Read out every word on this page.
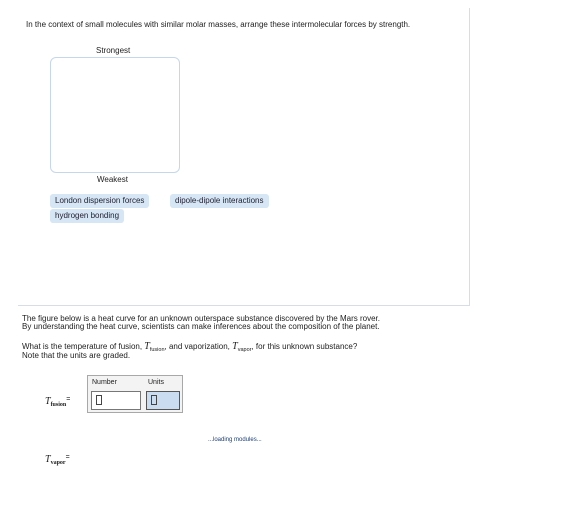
In the context of small molecules with similar molar masses, arrange these intermolecular forces by strength.
Strongest
Weakest
London dispersion forces	dipole-dipole interactions
hydrogen bonding
The figure below is a heat curve for an unknown outerspace substance discovered by the Mars rover.
By understanding the heat curve, scientists can make inferences about the composition of the planet.
What is the temperature of fusion, $T_{fusion}$, and vaporization, $T_{vapor}$, for this unknown substance?
Note that the units are graded.
$T_{fusion}^=$
Number	Units
...loading modules...
$T_{vapor}^=$
